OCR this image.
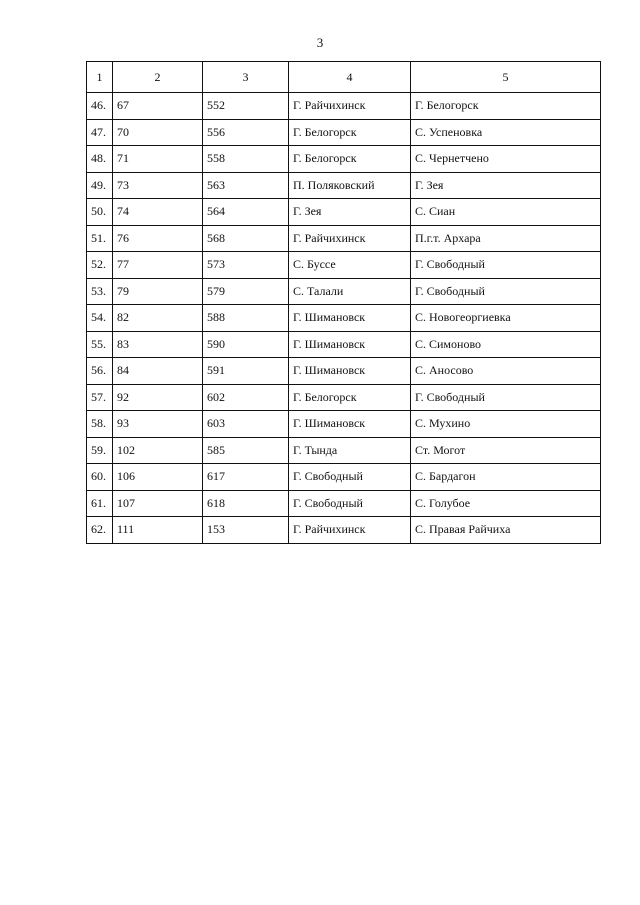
3
1	2	3	4	5
46.	67	552	Г. Райчихинск	Г. Белогорск
47.	70	556	Г. Белогорск	С. Успеновка
48.	71	558	Г. Белогорск	С. Чернетчено
49.	73	563	П. Поляковский	Г. Зея
50.	74	564	Г. Зея	С. Сиан
51.	76	568	Г. Райчихинск	П.г.т. Архара
52.	77	573	С. Буссе	Г. Свободный
53.	79	579	С. Талали	Г. Свободный
54.	82	588	Г. Шимановск	С. Новогеоргиевка
55.	83	590	Г. Шимановск	С. Симоново
56.	84	591	Г. Шимановск	С. Аносово
57.	92	602	Г. Белогорск	Г. Свободный
58.	93	603	Г. Шимановск	С. Мухино
59.	102	585	Г. Тында	Ст. Могот
60.	106	617	Г. Свободный	С. Бардагон
61.	107	618	Г. Свободный	С. Голубое
62.	111	153	Г. Райчихинск	С. Правая Райчиха
